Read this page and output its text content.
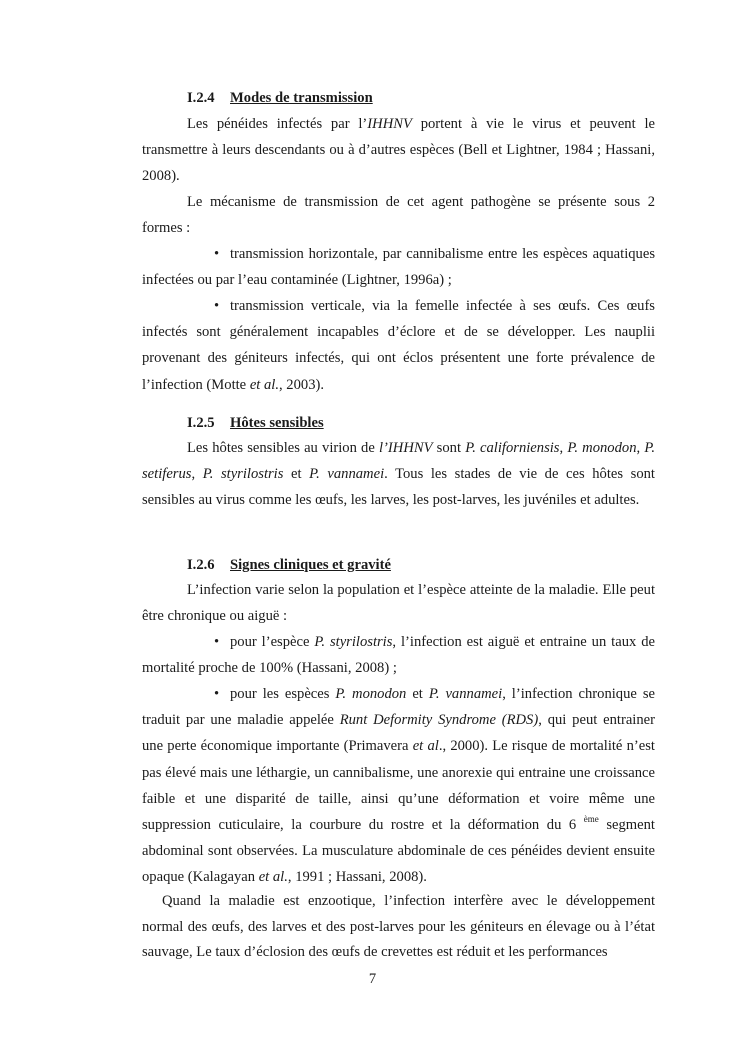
I.2.4 Modes de transmission

Les pénéides infectés par l’IHHNV portent à vie le virus et peuvent le transmettre à leurs descendants ou à d’autres espèces (Bell et Lightner, 1984 ; Hassani, 2008).

Le mécanisme de transmission de cet agent pathogène se présente sous 2 formes :

• transmission horizontale, par cannibalisme entre les espèces aquatiques infectées ou par l’eau contaminée (Lightner, 1996a) ;

• transmission verticale, via la femelle infectée à ses œufs. Ces œufs infectés sont généralement incapables d’éclore et de se développer. Les nauplii provenant des géniteurs infectés, qui ont éclos présentent une forte prévalence de l’infection (Motte et al., 2003).

I.2.5 Hôtes sensibles

Les hôtes sensibles au virion de l’IHHNV sont P. californiensis, P. monodon, P. setiferus, P. styrilostris et P. vannamei. Tous les stades de vie de ces hôtes sont sensibles au virus comme les œufs, les larves, les post-larves, les juvéniles et adultes.

I.2.6 Signes cliniques et gravité

L’infection varie selon la population et l’espèce atteinte de la maladie. Elle peut être chronique ou aiguë :

• pour l’espèce P. styrilostris, l’infection est aiguë et entraine un taux de mortalité proche de 100% (Hassani, 2008) ;

• pour les espèces P. monodon et P. vannamei, l’infection chronique se traduit par une maladie appelée Runt Deformity Syndrome (RDS), qui peut entrainer une perte économique importante (Primavera et al., 2000). Le risque de mortalité n’est pas élevé mais une léthargie, un cannibalisme, une anorexie qui entraine une croissance faible et une disparité de taille, ainsi qu’une déformation et voire même une suppression cuticulaire, la courbure du rostre et la déformation du 6 $^{ème}$ segment abdominal sont observées. La musculature abdominale de ces pénéides devient ensuite opaque (Kalagayan et al., 1991 ; Hassani, 2008).

Quand la maladie est enzootique, l’infection interfère avec le développement normal des œufs, des larves et des post-larves pour les géniteurs en élevage ou à l’état sauvage, Le taux d’éclosion des œufs de crevettes est réduit et les performances

7
